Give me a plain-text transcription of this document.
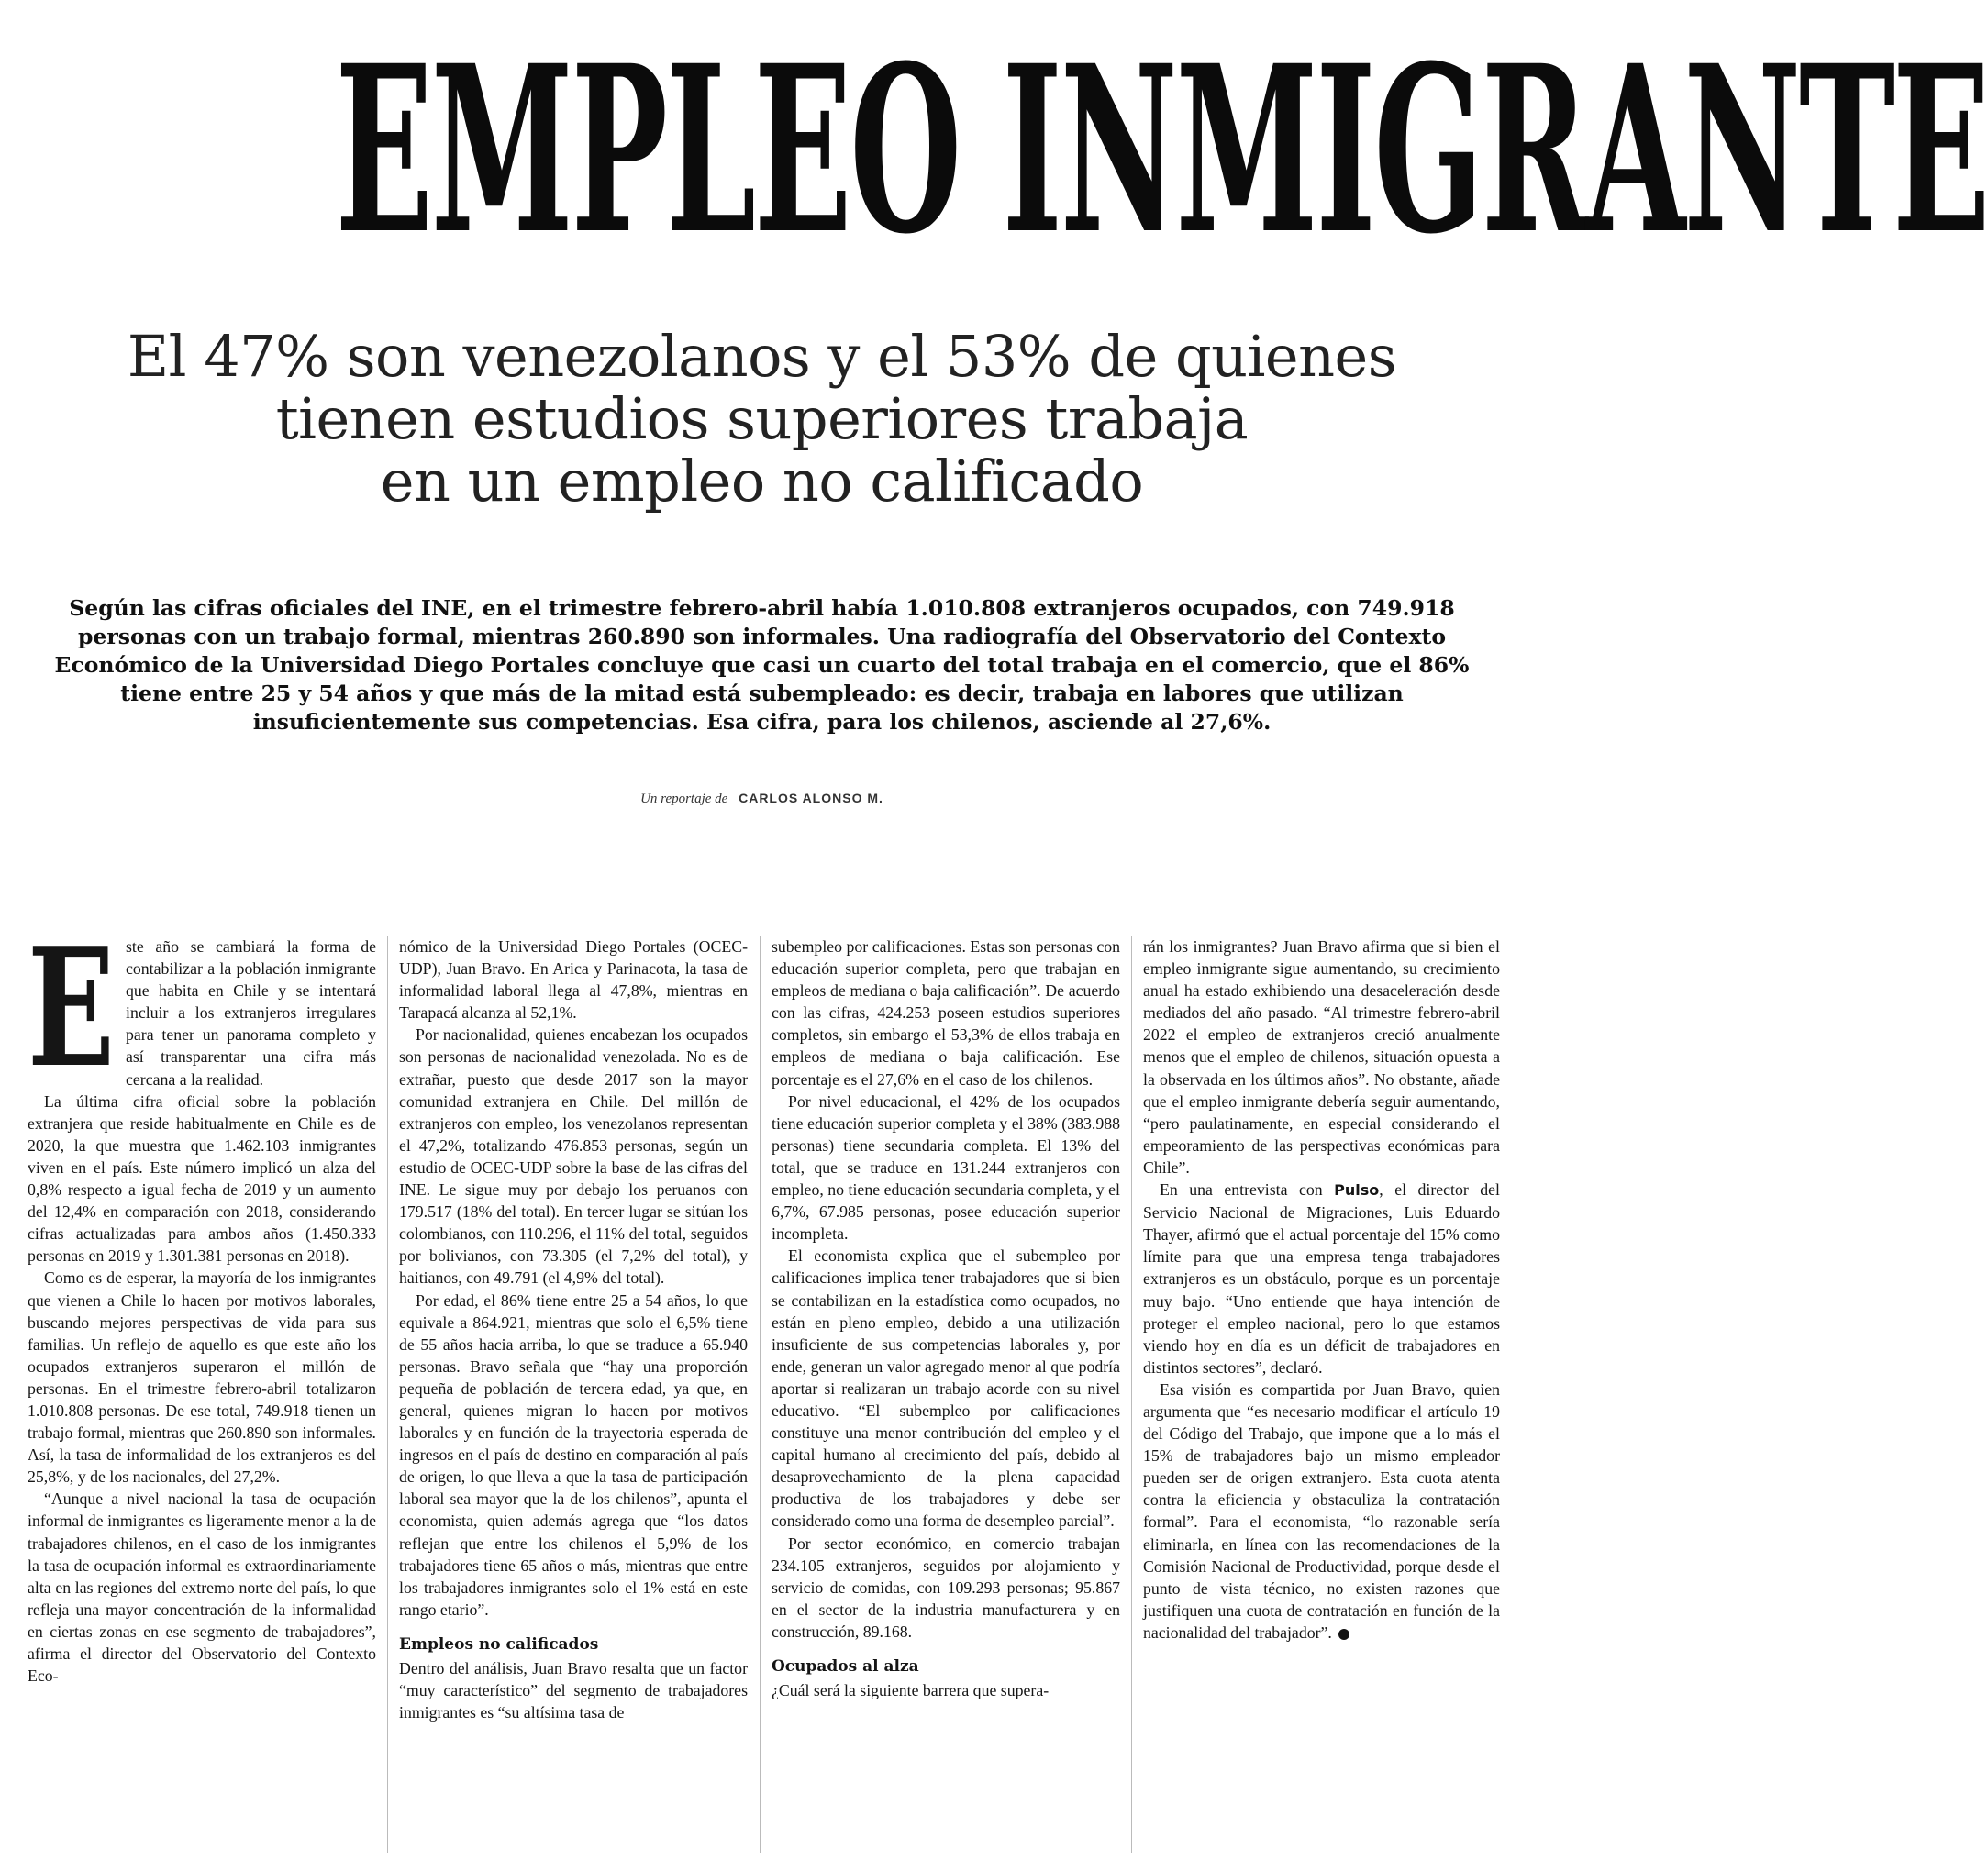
EMPLEO INMIGRANTE
El 47% son venezolanos y el 53% de quienes
tienen estudios superiores trabaja
en un empleo no calificado
Según las cifras oficiales del INE, en el trimestre febrero-abril había 1.010.808 extranjeros ocupados, con 749.918 personas con un trabajo formal, mientras 260.890 son informales. Una radiografía del Observatorio del Contexto Económico de la Universidad Diego Portales concluye que casi un cuarto del total trabaja en el comercio, que el 86% tiene entre 25 y 54 años y que más de la mitad está subempleado: es decir, trabaja en labores que utilizan insuficientemente sus competencias. Esa cifra, para los chilenos, asciende al 27,6%.
Un reportaje de CARLOS ALONSO M.
E ste año se cambiará la forma de contabilizar a la población inmigrante que habita en Chile y se intentará incluir a los extranjeros irregulares para tener un panorama completo y así transparentar una cifra más cercana a la realidad.

La última cifra oficial sobre la población extranjera que reside habitualmente en Chile es de 2020, la que muestra que 1.462.103 inmigrantes viven en el país. Este número implicó un alza del 0,8% respecto a igual fecha de 2019 y un aumento del 12,4% en comparación con 2018, considerando cifras actualizadas para ambos años (1.450.333 personas en 2019 y 1.301.381 personas en 2018).

Como es de esperar, la mayoría de los inmigrantes que vienen a Chile lo hacen por motivos laborales, buscando mejores perspectivas de vida para sus familias. Un reflejo de aquello es que este año los ocupados extranjeros superaron el millón de personas. En el trimestre febrero-abril totalizaron 1.010.808 personas. De ese total, 749.918 tienen un trabajo formal, mientras que 260.890 son informales. Así, la tasa de informalidad de los extranjeros es del 25,8%, y de los nacionales, del 27,2%.

“Aunque a nivel nacional la tasa de ocupación informal de inmigrantes es ligeramente menor a la de trabajadores chilenos, en el caso de los inmigrantes la tasa de ocupación informal es extraordinariamente alta en las regiones del extremo norte del país, lo que refleja una mayor concentración de la informalidad en ciertas zonas en ese segmento de trabajadores”, afirma el director del Observatorio del Contexto Eco-

nómico de la Universidad Diego Portales (OCEC-UDP), Juan Bravo. En Arica y Parinacota, la tasa de informalidad laboral llega al 47,8%, mientras en Tarapacá alcanza al 52,1%.

Por nacionalidad, quienes encabezan los ocupados son personas de nacionalidad venezolada. No es de extrañar, puesto que desde 2017 son la mayor comunidad extranjera en Chile. Del millón de extranjeros con empleo, los venezolanos representan el 47,2%, totalizando 476.853 personas, según un estudio de OCEC-UDP sobre la base de las cifras del INE. Le sigue muy por debajo los peruanos con 179.517 (18% del total). En tercer lugar se sitúan los colombianos, con 110.296, el 11% del total, seguidos por bolivianos, con 73.305 (el 7,2% del total), y haitianos, con 49.791 (el 4,9% del total).

Por edad, el 86% tiene entre 25 a 54 años, lo que equivale a 864.921, mientras que solo el 6,5% tiene de 55 años hacia arriba, lo que se traduce a 65.940 personas. Bravo señala que “hay una proporción pequeña de población de tercera edad, ya que, en general, quienes migran lo hacen por motivos laborales y en función de la trayectoria esperada de ingresos en el país de destino en comparación al país de origen, lo que lleva a que la tasa de participación laboral sea mayor que la de los chilenos”, apunta el economista, quien además agrega que “los datos reflejan que entre los chilenos el 5,9% de los trabajadores tiene 65 años o más, mientras que entre los trabajadores inmigrantes solo el 1% está en este rango etario”.

Empleos no calificados

Dentro del análisis, Juan Bravo resalta que un factor “muy característico” del segmento de trabajadores inmigrantes es “su altísima tasa de

subempleo por calificaciones. Estas son personas con educación superior completa, pero que trabajan en empleos de mediana o baja calificación”. De acuerdo con las cifras, 424.253 poseen estudios superiores completos, sin embargo el 53,3% de ellos trabaja en empleos de mediana o baja calificación. Ese porcentaje es el 27,6% en el caso de los chilenos.

Por nivel educacional, el 42% de los ocupados tiene educación superior completa y el 38% (383.988 personas) tiene secundaria completa. El 13% del total, que se traduce en 131.244 extranjeros con empleo, no tiene educación secundaria completa, y el 6,7%, 67.985 personas, posee educación superior incompleta.

El economista explica que el subempleo por calificaciones implica tener trabajadores que si bien se contabilizan en la estadística como ocupados, no están en pleno empleo, debido a una utilización insuficiente de sus competencias laborales y, por ende, generan un valor agregado menor al que podría aportar si realizaran un trabajo acorde con su nivel educativo. “El subempleo por calificaciones constituye una menor contribución del empleo y el capital humano al crecimiento del país, debido al desaprovechamiento de la plena capacidad productiva de los trabajadores y debe ser considerado como una forma de desempleo parcial”.

Por sector económico, en comercio trabajan 234.105 extranjeros, seguidos por alojamiento y servicio de comidas, con 109.293 personas; 95.867 en el sector de la industria manufacturera y en construcción, 89.168.

Ocupados al alza

¿Cuál será la siguiente barrera que supera-

rán los inmigrantes? Juan Bravo afirma que si bien el empleo inmigrante sigue aumentando, su crecimiento anual ha estado exhibiendo una desaceleración desde mediados del año pasado. “Al trimestre febrero-abril 2022 el empleo de extranjeros creció anualmente menos que el empleo de chilenos, situación opuesta a la observada en los últimos años”. No obstante, añade que el empleo inmigrante debería seguir aumentando, “pero paulatinamente, en especial considerando el empeoramiento de las perspectivas económicas para Chile”.

En una entrevista con Pulso, el director del Servicio Nacional de Migraciones, Luis Eduardo Thayer, afirmó que el actual porcentaje del 15% como límite para que una empresa tenga trabajadores extranjeros es un obstáculo, porque es un porcentaje muy bajo. “Uno entiende que haya intención de proteger el empleo nacional, pero lo que estamos viendo hoy en día es un déficit de trabajadores en distintos sectores”, declaró.

Esa visión es compartida por Juan Bravo, quien argumenta que “es necesario modificar el artículo 19 del Código del Trabajo, que impone que a lo más el 15% de trabajadores bajo un mismo empleador pueden ser de origen extranjero. Esta cuota atenta contra la eficiencia y obstaculiza la contratación formal”. Para el economista, “lo razonable sería eliminarla, en línea con las recomendaciones de la Comisión Nacional de Productividad, porque desde el punto de vista técnico, no existen razones que justifiquen una cuota de contratación en función de la nacionalidad del trabajador”.	P
